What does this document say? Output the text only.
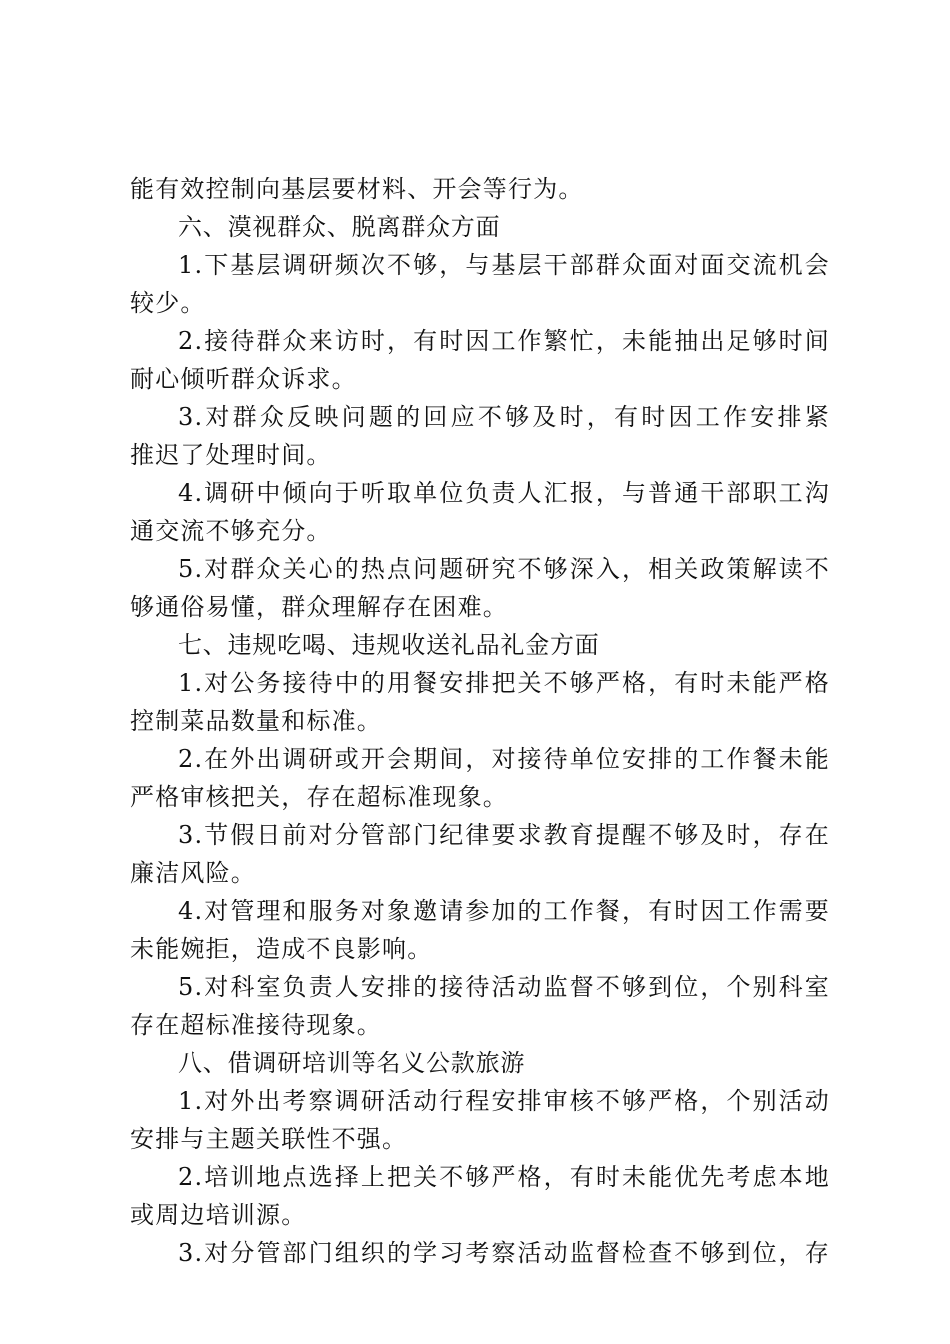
能有效控制向基层要材料、开会等行为。
六、漠视群众、脱离群众方面
1.下基层调研频次不够，与基层干部群众面对面交流机会
较少。
2.接待群众来访时，有时因工作繁忙，未能抽出足够时间
耐心倾听群众诉求。
3.对群众反映问题的回应不够及时，有时因工作安排紧
推迟了处理时间。
4.调研中倾向于听取单位负责人汇报，与普通干部职工沟
通交流不够充分。
5.对群众关心的热点问题研究不够深入，相关政策解读不
够通俗易懂，群众理解存在困难。
七、违规吃喝、违规收送礼品礼金方面
1.对公务接待中的用餐安排把关不够严格，有时未能严格
控制菜品数量和标准。
2.在外出调研或开会期间，对接待单位安排的工作餐未能
严格审核把关，存在超标准现象。
3.节假日前对分管部门纪律要求教育提醒不够及时，存在
廉洁风险。
4.对管理和服务对象邀请参加的工作餐，有时因工作需要
未能婉拒，造成不良影响。
5.对科室负责人安排的接待活动监督不够到位，个别科室
存在超标准接待现象。
八、借调研培训等名义公款旅游
1.对外出考察调研活动行程安排审核不够严格，个别活动
安排与主题关联性不强。
2.培训地点选择上把关不够严格，有时未能优先考虑本地
或周边培训源。
3.对分管部门组织的学习考察活动监督检查不够到位，存
